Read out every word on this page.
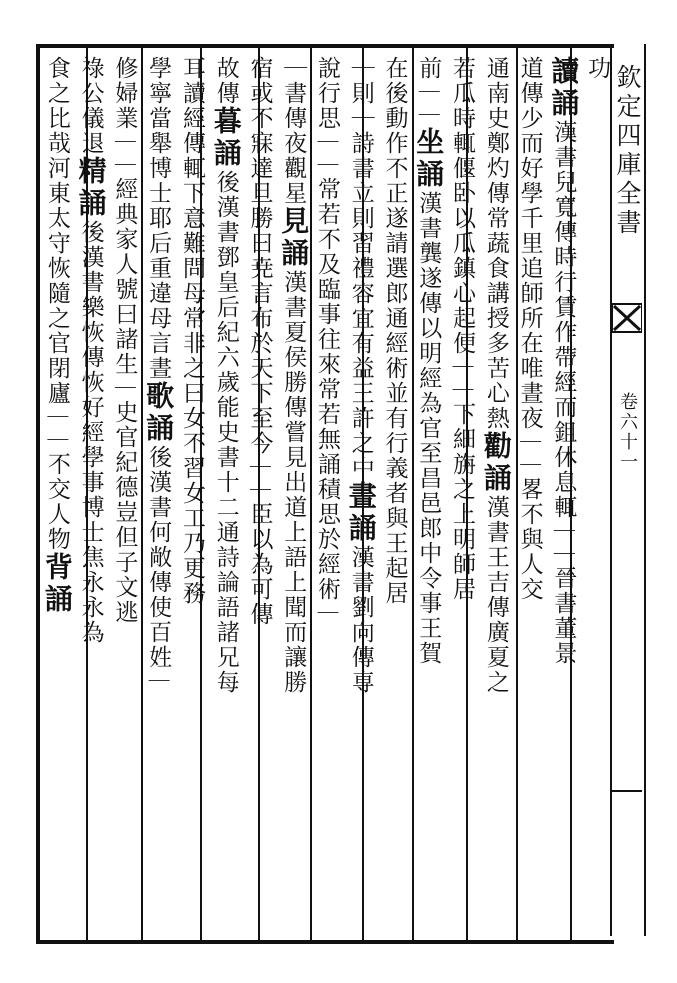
欽定四庫全書
卷六十一
功
讀誦漢書兒寬傳時行賃作帶經而鉏休息輒｜｜晉書董景
道傳少而好學千里追師所在唯晝夜｜｜畧不與人交
通南史鄭灼傳常蔬食講授多苦心熱勸誦漢書王吉傳廣夏之
若瓜時輒偃卧以瓜鎮心起便｜｜下細旃之上明師居
前｜｜坐誦漢書龔遂傳以明經為官至昌邑郎中令事王賀
在後動作不正遂請選郎通經術並有行義者與王起居
｜則｜詩書立則習禮容宜有益王許之中晝誦漢書劉向傳専
說行思｜｜常若不及臨事往來常若無誦積思於經術｜
｜書傳夜觀星見誦漢書夏侯勝傳嘗見出道上語上聞而讓勝
宿或不寐達旦勝曰尭言布於天下至今｜｜臣以為可傳
故傳暮誦後漢書鄧皇后紀六歲能史書十二通詩論語諸兄每
耳讀經傳輒下意難問母常非之曰女不習女工乃更務
學寧當舉博士耶后重違母言晝歌誦後漢書何敞傳使百姓｜
修婦業｜｜經典家人號曰諸生｜史官紀德豈但子文逃
祿公儀退精誦後漢書樂恢傳恢好經學事博士焦永永為
食之比哉河東太守恢隨之官閉廬｜｜不交人物背誦
